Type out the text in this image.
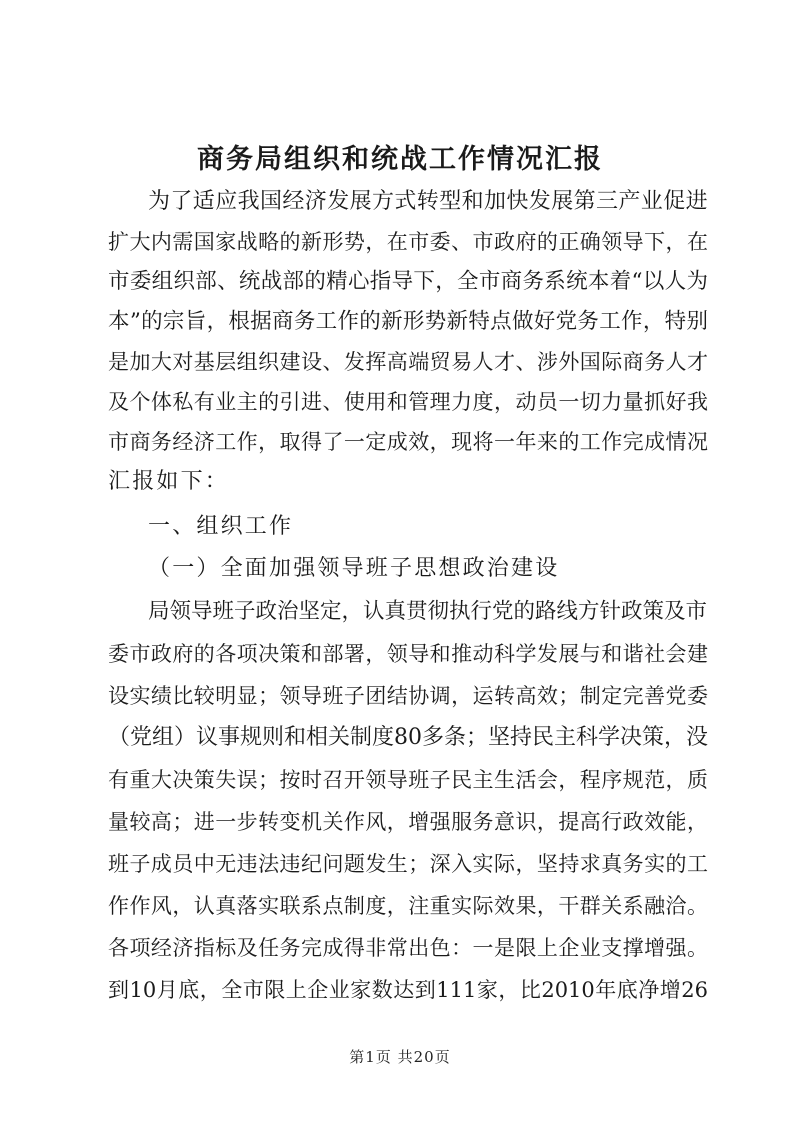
商务局组织和统战工作情况汇报
为了适应我国经济发展方式转型和加快发展第三产业促进
扩大内需国家战略的新形势，在市委、市政府的正确领导下，在
市委组织部、统战部的精心指导下，全市商务系统本着“以人为
本”的宗旨，根据商务工作的新形势新特点做好党务工作，特别
是加大对基层组织建设、发挥高端贸易人才、涉外国际商务人才
及个体私有业主的引进、使用和管理力度，动员一切力量抓好我
市商务经济工作，取得了一定成效，现将一年来的工作完成情况
汇报如下：
一、组织工作
（一）全面加强领导班子思想政治建设
局领导班子政治坚定，认真贯彻执行党的路线方针政策及市
委市政府的各项决策和部署，领导和推动科学发展与和谐社会建
设实绩比较明显；领导班子团结协调，运转高效；制定完善党委
（党组）议事规则和相关制度80多条；坚持民主科学决策，没
有重大决策失误；按时召开领导班子民主生活会，程序规范，质
量较高；进一步转变机关作风，增强服务意识，提高行政效能，
班子成员中无违法违纪问题发生；深入实际，坚持求真务实的工
作作风，认真落实联系点制度，注重实际效果，干群关系融洽。
各项经济指标及任务完成得非常出色：一是限上企业支撑增强。
到10月底，全市限上企业家数达到111家，比2010年底净增26
第1页 共20页
